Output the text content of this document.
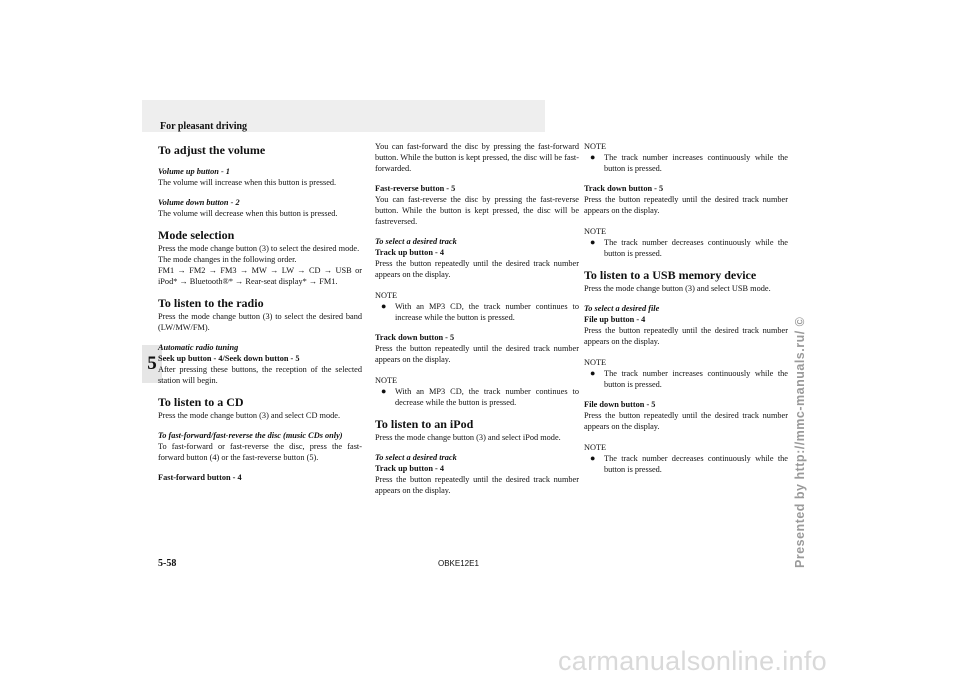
For pleasant driving
5
To adjust the volume

Volume up button - 1

The volume will increase when this button is pressed.

Volume down button - 2

The volume will decrease when this button is pressed.

Mode selection

Press the mode change button (3) to select the desired mode.

The mode changes in the following order.

FM1 → FM2 → FM3 → MW → LW → CD → USB or iPod* → Bluetooth®* → Rear-seat display* → FM1.

To listen to the radio

Press the mode change button (3) to select the desired band (LW/MW/FM).

Automatic radio tuning

Seek up button - 4/Seek down button - 5

After pressing these buttons, the reception of the selected station will begin.

To listen to a CD

Press the mode change button (3) and select CD mode.

To fast-forward/fast-reverse the disc (music CDs only)

To fast-forward or fast-reverse the disc, press the fast-forward button (4) or the fast-reverse button (5).

Fast-forward button - 4

You can fast-forward the disc by pressing the fast-forward button. While the button is kept pressed, the disc will be fast-forwarded.

Fast-reverse button - 5

You can fast-reverse the disc by pressing the fast-reverse button. While the button is kept pressed, the disc will be fastreversed.

To select a desired track

Track up button - 4

Press the button repeatedly until the desired track number appears on the display.

NOTE

●	With an MP3 CD, the track number continues to increase while the button is pressed.

Track down button - 5

Press the button repeatedly until the desired track number appears on the display.

NOTE

●	With an MP3 CD, the track number continues to decrease while the button is pressed.
To listen to an iPod

Press the mode change button (3) and select iPod mode.

To select a desired track

Track up button - 4

Press the button repeatedly until the desired track number appears on the display.

NOTE

●	The track number increases continuously while the button is pressed.

Track down button - 5

Press the button repeatedly until the desired track number appears on the display.

NOTE

●	The track number decreases continuously while the button is pressed.
To listen to a USB memory device

Press the mode change button (3) and select USB mode.

To select a desired file

File up button - 4

Press the button repeatedly until the desired track number appears on the display.

NOTE

●	The track number increases continuously while the button is pressed.

File down button - 5

Press the button repeatedly until the desired track number appears on the display.

NOTE

●	The track number decreases continuously while the button is pressed.
5-58	OBKE12E1	Presented by http://mmc-manuals.ru/ ©
carmanualsonline.info
